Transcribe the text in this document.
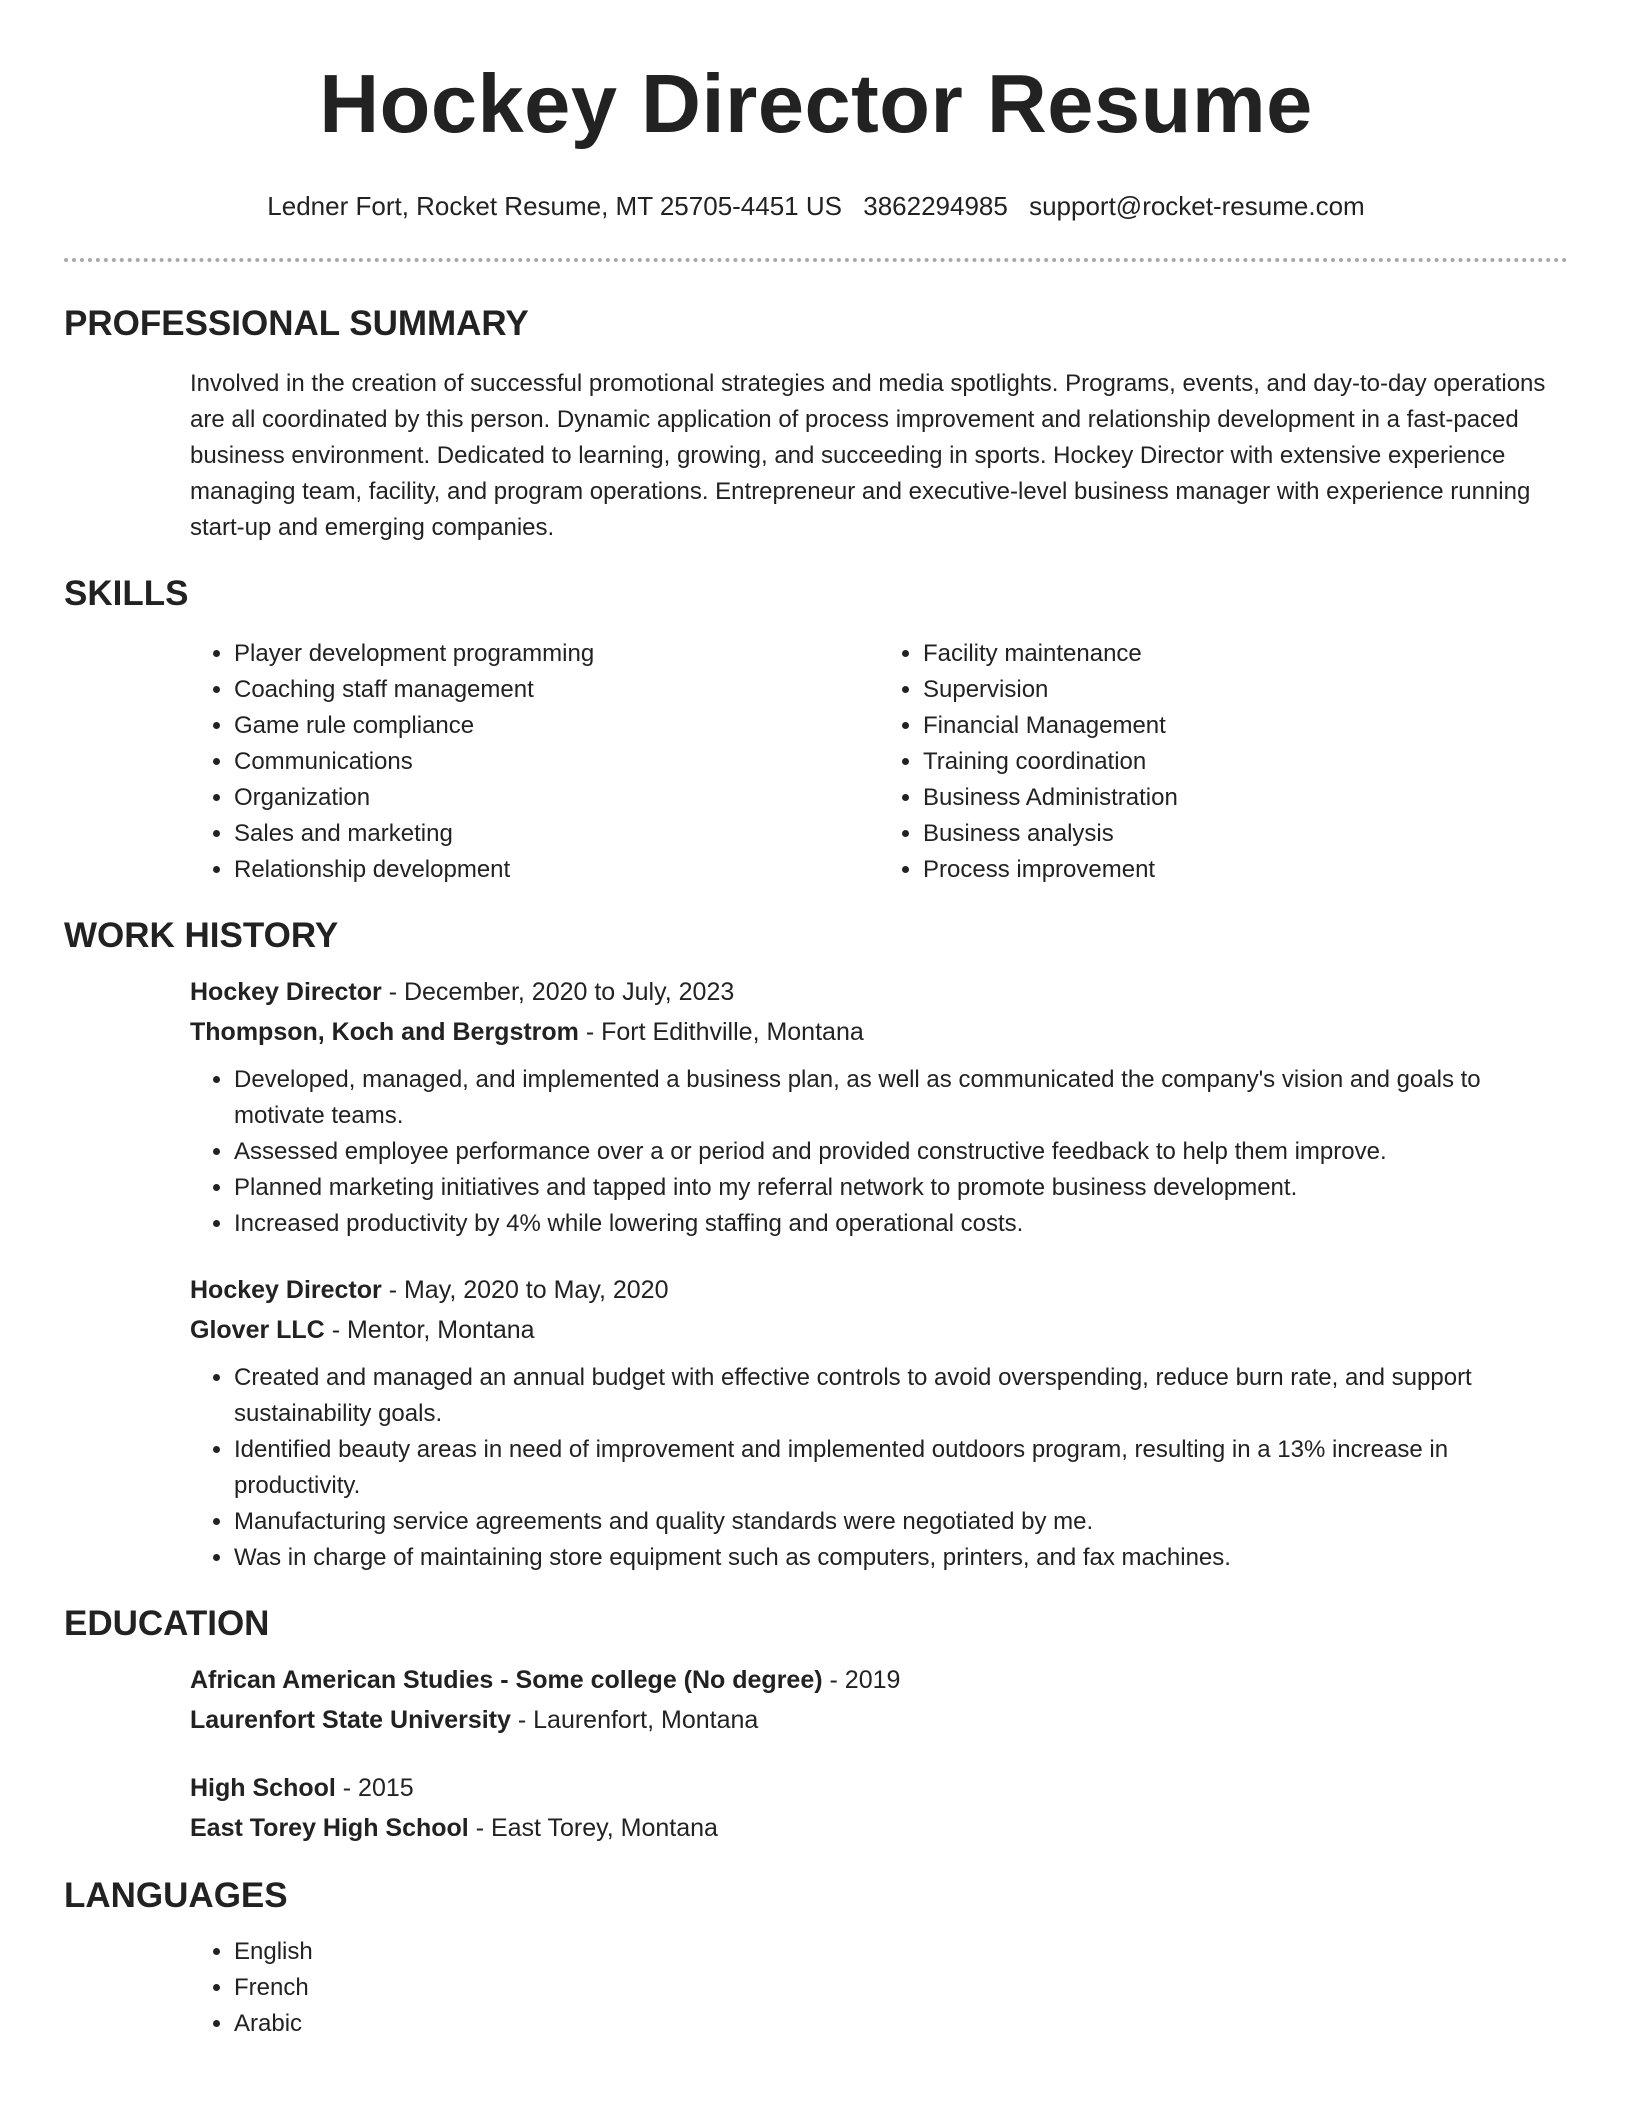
Hockey Director Resume
Ledner Fort, Rocket Resume, MT 25705-4451 US 3862294985 support@rocket-resume.com
PROFESSIONAL SUMMARY

Involved in the creation of successful promotional strategies and media spotlights. Programs, events, and day-to-day operations are all coordinated by this person. Dynamic application of process improvement and relationship development in a fast-paced business environment. Dedicated to learning, growing, and succeeding in sports. Hockey Director with extensive experience managing team, facility, and program operations. Entrepreneur and executive-level business manager with experience running start-up and emerging companies.

SKILLS
• Player development programming
• Coaching staff management
• Game rule compliance
• Communications
• Organization
• Sales and marketing
• Relationship development
• Facility maintenance
• Supervision
• Financial Management
• Training coordination
• Business Administration
• Business analysis
• Process improvement
WORK HISTORY
Hockey Director - December, 2020 to July, 2023
Thompson, Koch and Bergstrom - Fort Edithville, Montana
• Developed, managed, and implemented a business plan, as well as communicated the company's vision and goals to motivate teams.
• Assessed employee performance over a or period and provided constructive feedback to help them improve.
• Planned marketing initiatives and tapped into my referral network to promote business development.
• Increased productivity by 4% while lowering staffing and operational costs.
Hockey Director - May, 2020 to May, 2020
Glover LLC - Mentor, Montana
• Created and managed an annual budget with effective controls to avoid overspending, reduce burn rate, and support sustainability goals.
• Identified beauty areas in need of improvement and implemented outdoors program, resulting in a 13% increase in productivity.
• Manufacturing service agreements and quality standards were negotiated by me.
• Was in charge of maintaining store equipment such as computers, printers, and fax machines.
EDUCATION
African American Studies - Some college (No degree) - 2019
Laurenfort State University - Laurenfort, Montana
High School - 2015
East Torey High School - East Torey, Montana
LANGUAGES
• English
• French
• Arabic
